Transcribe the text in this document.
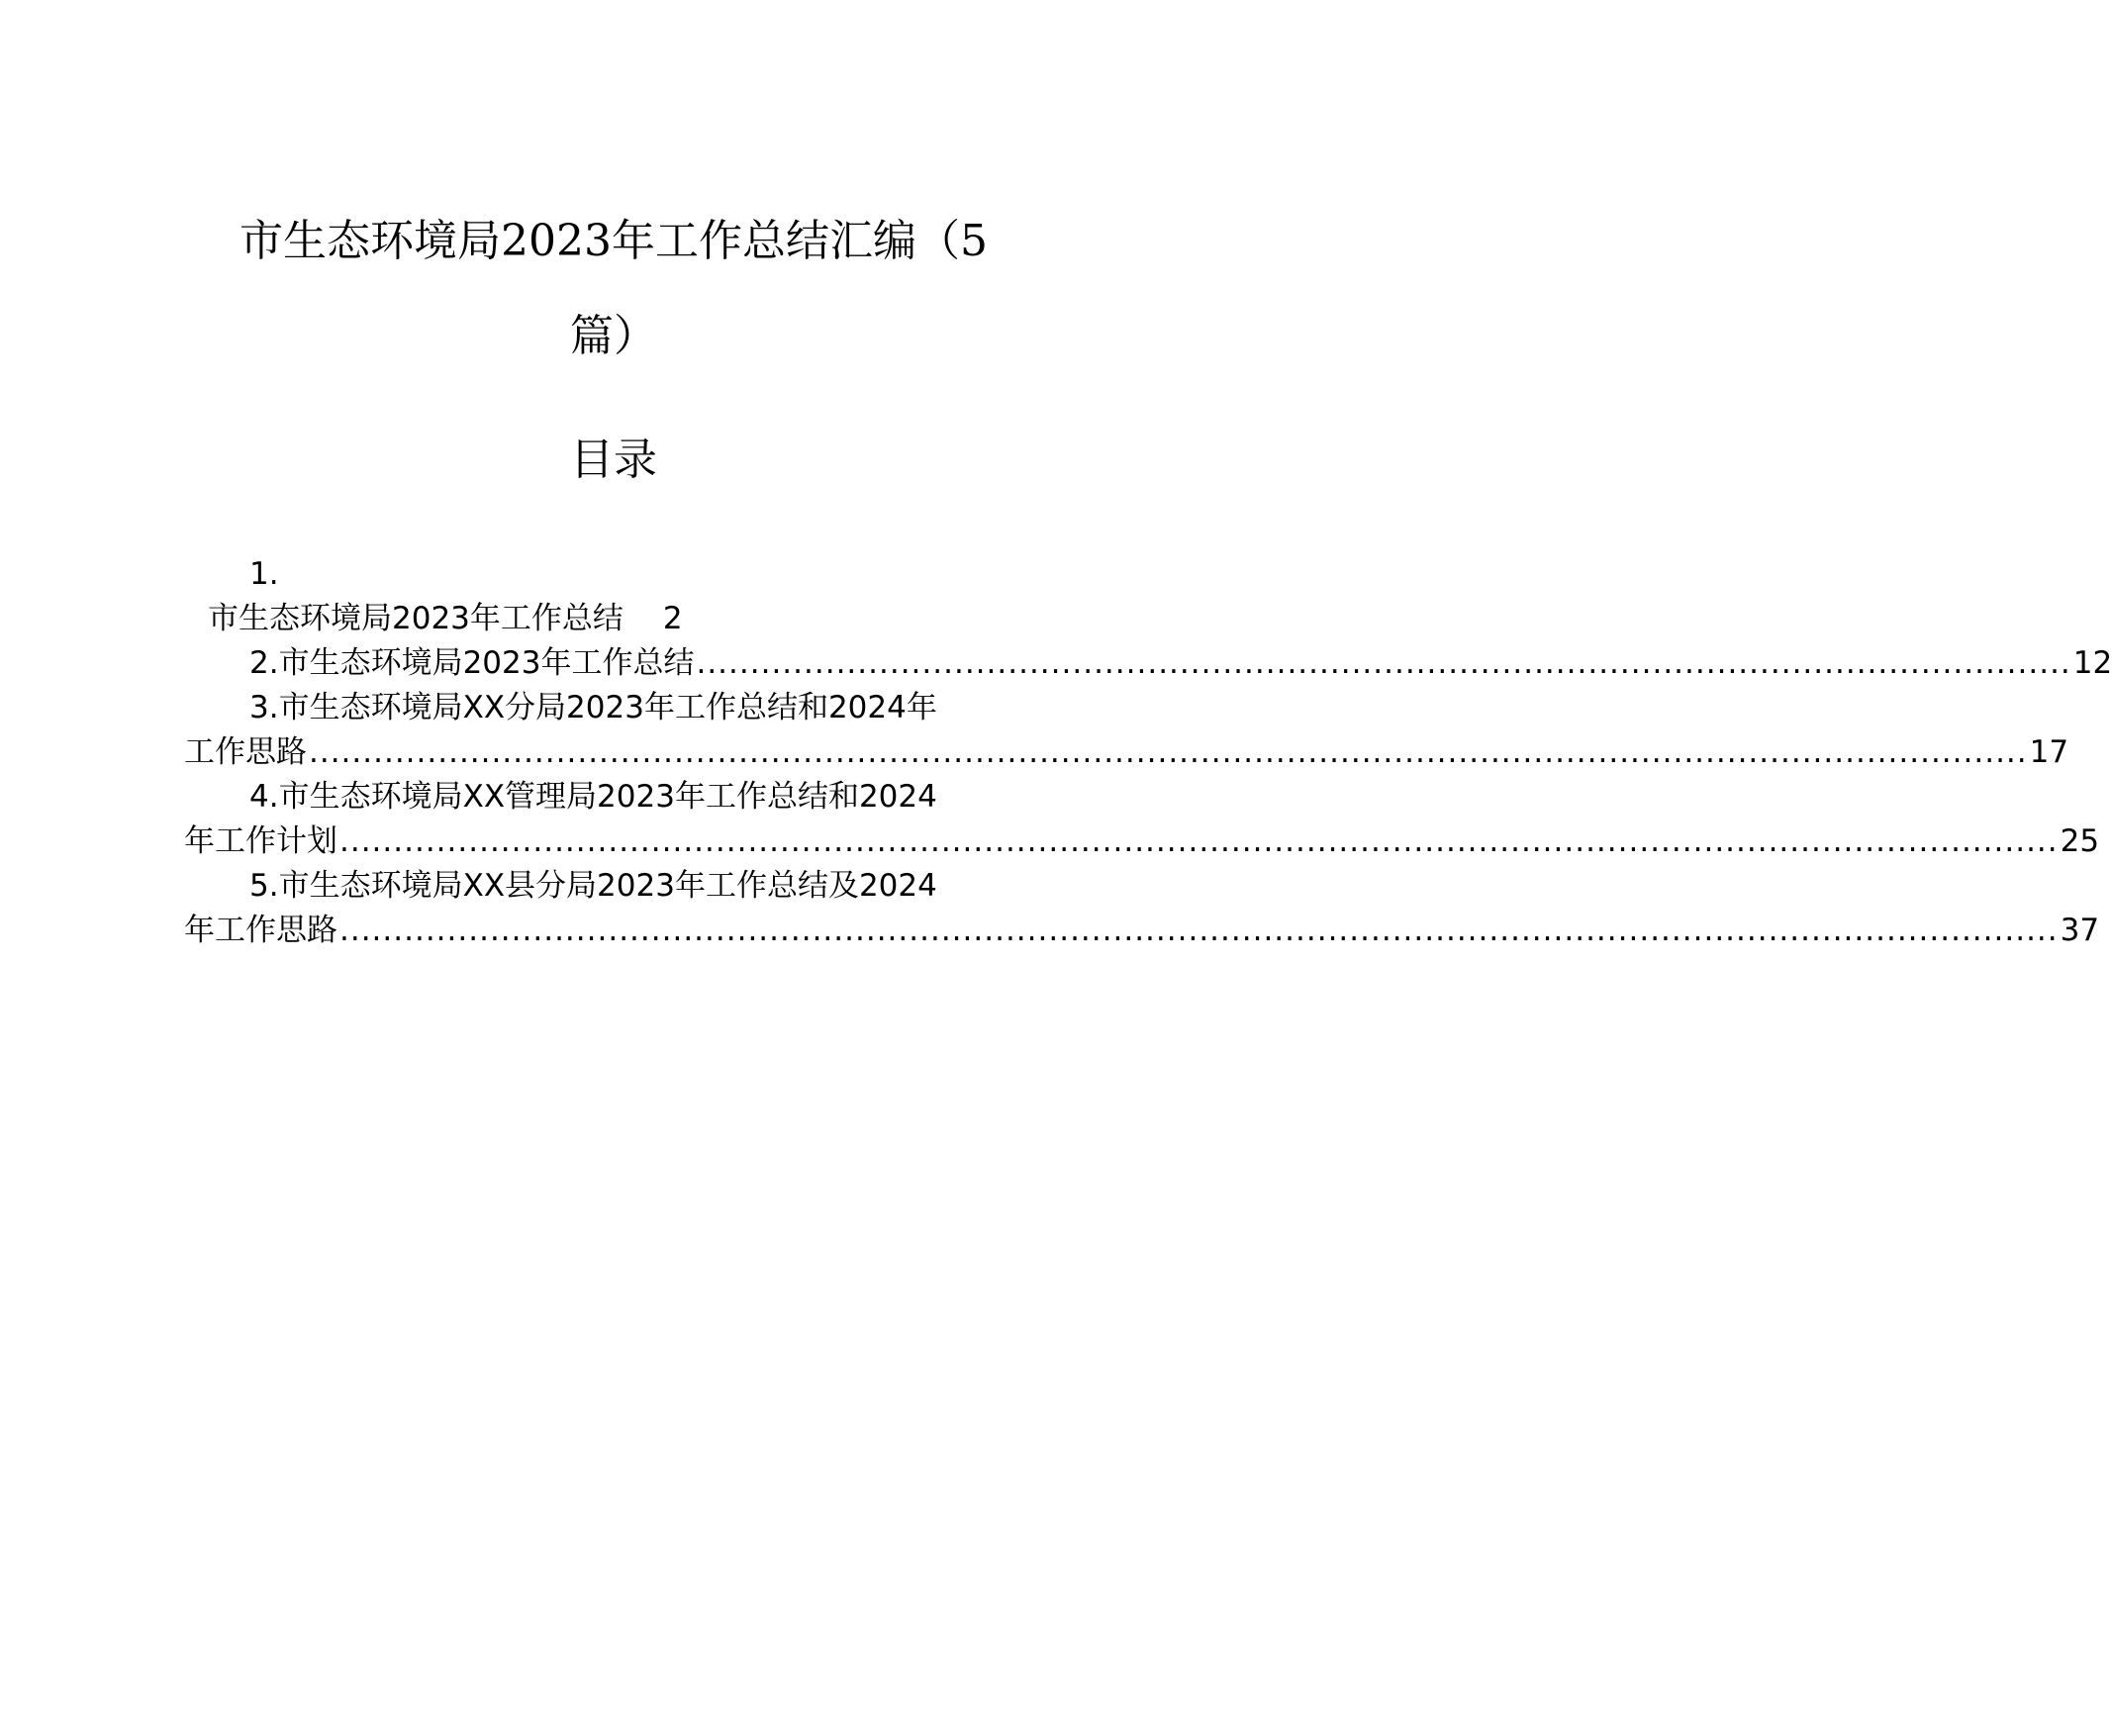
市生态环境局2023年工作总结汇编（5
篇）
目录
1.
市生态环境局2023年工作总结 2
2.市生态环境局2023年工作总结 ................................................................................................................................ 12
3.市生态环境局XX分局2023年工作总结和2024年
工作思路 ................................................................................................................................................................ 17
4.市生态环境局XX管理局2023年工作总结和2024
年工作计划 ................................................................................................................................................................ 25
5.市生态环境局XX县分局2023年工作总结及2024
年工作思路 ................................................................................................................................................................ 37
